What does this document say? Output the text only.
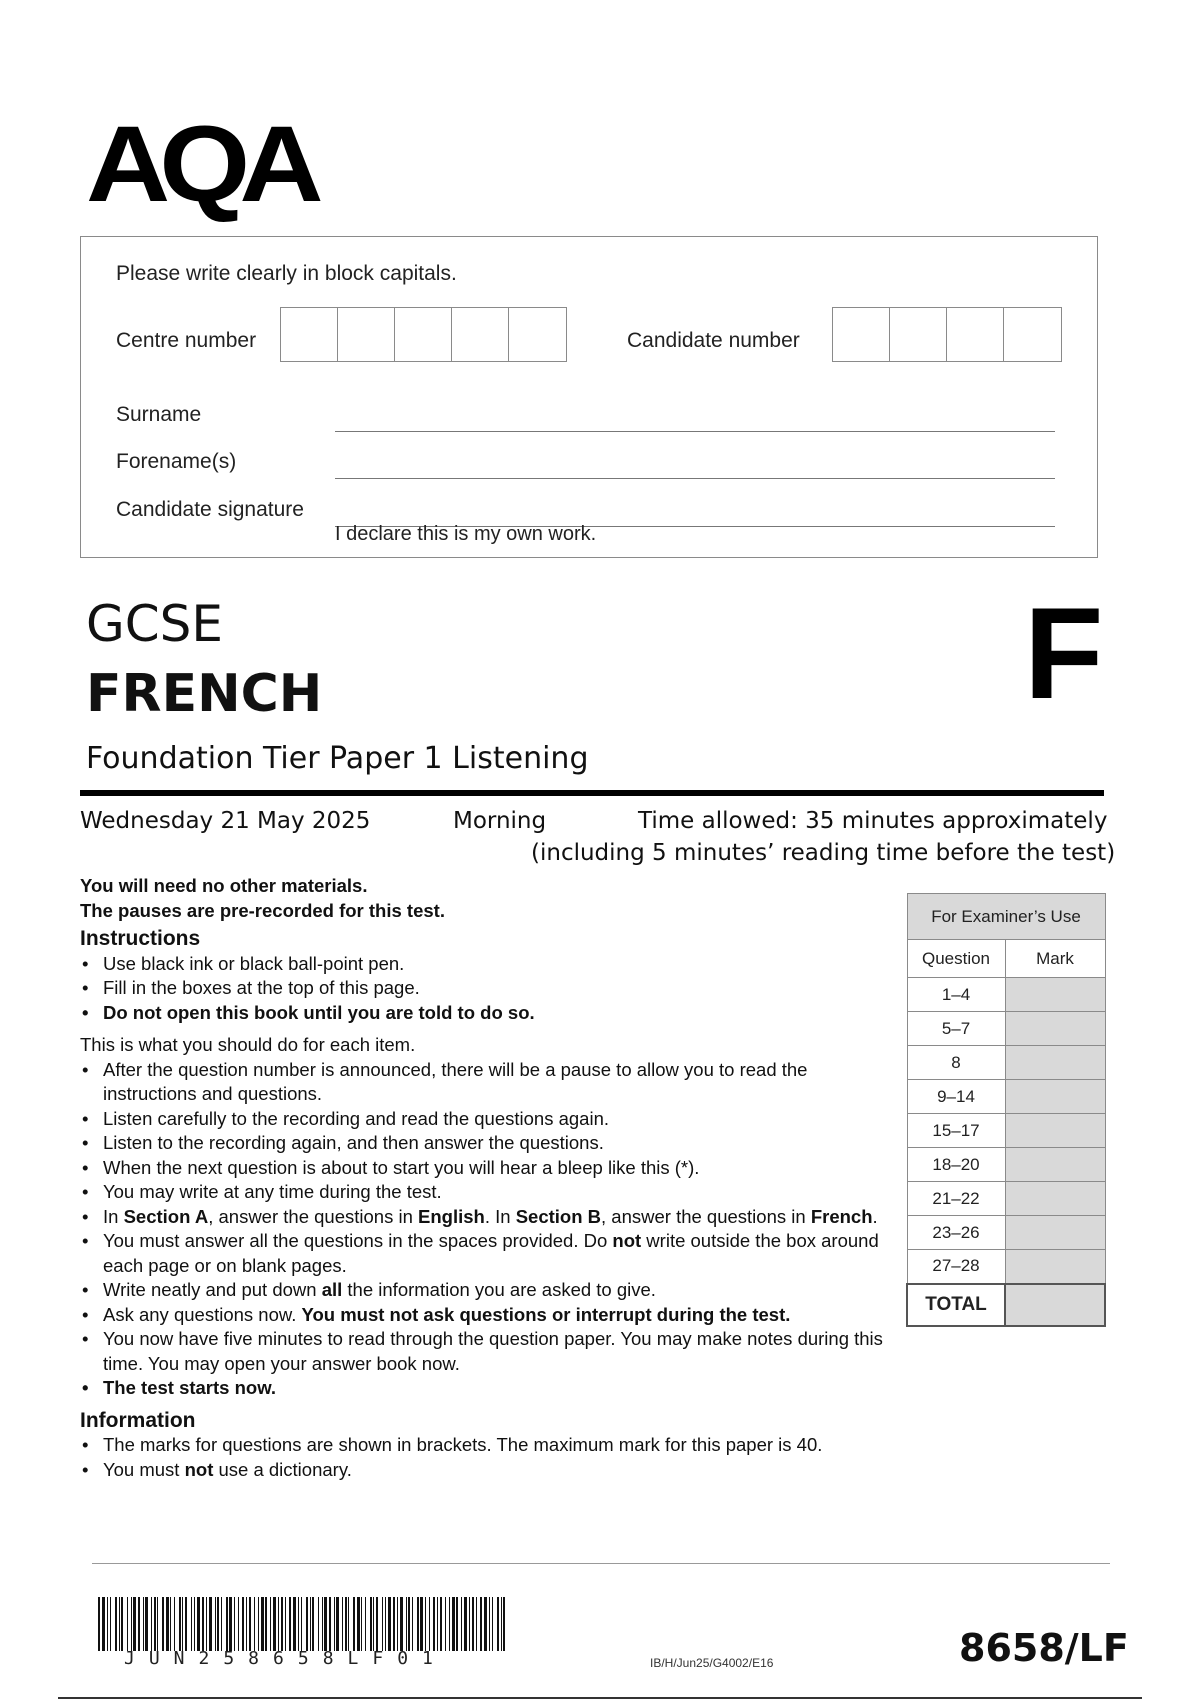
AQA
Please write clearly in block capitals.
Centre number	Candidate number
Surname
Forename(s)
Candidate signature
I declare this is my own work.
GCSE
FRENCH	F
Foundation Tier Paper 1 Listening
Wednesday 21 May 2025	Morning	Time allowed: 35 minutes approximately
(including 5 minutes’ reading time before the test)
You will need no other materials.
The pauses are pre-recorded for this test.
Instructions
• Use black ink or black ball-point pen.
• Fill in the boxes at the top of this page.
• Do not open this book until you are told to do so.
This is what you should do for each item.
• After the question number is announced, there will be a pause to allow you to read the instructions and questions.
• Listen carefully to the recording and read the questions again.
• Listen to the recording again, and then answer the questions.
• When the next question is about to start you will hear a bleep like this (*).
• You may write at any time during the test.
• In Section A, answer the questions in English. In Section B, answer the questions in French.
• You must answer all the questions in the spaces provided. Do not write outside the box around each page or on blank pages.
• Write neatly and put down all the information you are asked to give.
• Ask any questions now. You must not ask questions or interrupt during the test.
• You now have five minutes to read through the question paper. You may make notes during this time. You may open your answer book now.
• The test starts now.
Information
• The marks for questions are shown in brackets. The maximum mark for this paper is 40.
• You must not use a dictionary.
For Examiner’s Use	
Question	Mark
1–4	
5–7	
8	
9–14	
15–17	
18–20	
21–22	
23–26	
27–28	
TOTAL	
JUN258658LF01	IB/H/Jun25/G4002/E16	8658/LF
